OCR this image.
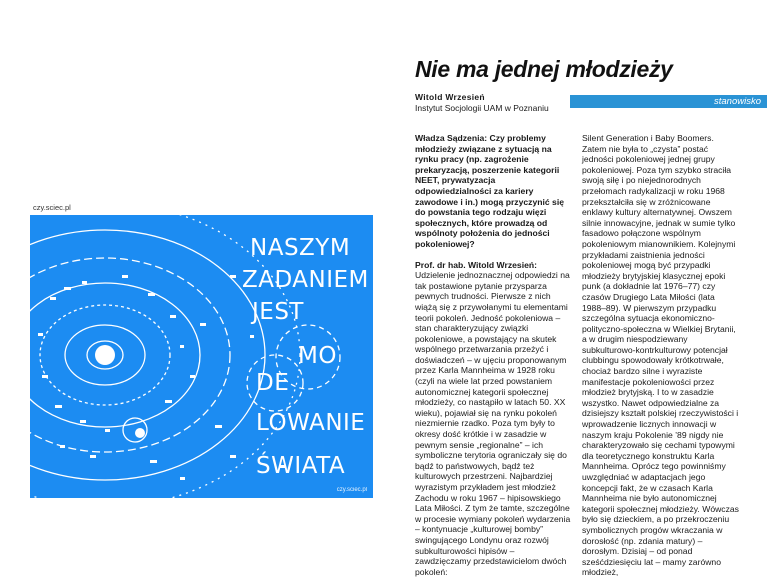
Nie ma jednej młodzieży
Witold Wrzesień
Instytut Socjologii UAM w Poznaniu
stanowisko
czy.sciec.pl
NASZYM
ZADANIEM
JEST
MO
DE
LOWANIE
ŚWIATA
czy.sciec.pl

Władza Sądzenia: Czy problemy młodzieży związane z sytuacją na rynku pracy (np. zagrożenie prekaryzacją, poszerzenie kategorii NEET, prywatyzacja odpowiedzialności za kariery zawodowe i in.) mogą przyczynić się do powstania tego rodzaju więzi społecznych, które prowadzą od wspólnoty położenia do jedności pokoleniowej?

Prof. dr hab. Witold Wrzesień: Udzielenie jednoznacznej odpowiedzi na tak postawione pytanie przysparza pewnych trudności. Pierwsze z nich wiążą się z przywołanymi tu elementami teorii pokoleń. Jedność pokoleniowa – stan charakteryzujący związki pokoleniowe, a powstający na skutek wspólnego przetwarzania przeżyć i doświadczeń – w ujęciu proponowanym przez Karla Mannheima w 1928 roku (czyli na wiele lat przed powstaniem autonomicznej kategorii społecznej młodzieży, co nastąpiło w latach 50. XX wieku), pojawiał się na rynku pokoleń niezmiernie rzadko. Poza tym były to okresy dość krótkie i w zasadzie w pewnym sensie „regionalne” – ich symboliczne terytoria ograniczały się do bądź to państwowych, bądź też kulturowych przestrzeni. Najbardziej wyrazistym przykładem jest młodzież Zachodu w roku 1967 – hipisowskiego Lata Miłości. Z tym że tamte, szczególne w procesie wymiany pokoleń wydarzenia – kontynuacje „kulturowej bomby” swingującego Londynu oraz rozwój subkulturowości hipisów – zawdzięczamy przedstawicielom dwóch pokoleń:

Silent Generation i Baby Boomers. Zatem nie była to „czysta” postać jedności pokoleniowej jednej grupy pokoleniowej. Poza tym szybko straciła swoją siłę i po niejednorodnych przełomach radykalizacji w roku 1968 przekształciła się w zróżnicowane enklawy kultury alternatywnej. Owszem silnie innowacyjne, jednak w sumie tylko fasadowo połączone wspólnym pokoleniowym mianownikiem. Kolejnymi przykładami zaistnienia jedności pokoleniowej mogą być przypadki młodzieży brytyjskiej klasycznej epoki punk (a dokładnie lat 1976–77) czy czasów Drugiego Lata Miłości (lata 1988–89). W pierwszym przypadku szczególna sytuacja ekonomiczno-polityczno-społeczna w Wielkiej Brytanii, a w drugim niespodziewany subkulturowo-kontrkulturowy potencjał clubbingu spowodowały krótkotrwałe, chociaż bardzo silne i wyraziste manifestacje pokoleniowości przez młodzież brytyjską. I to w zasadzie wszystko. Nawet odpowiedzialne za dzisiejszy kształt polskiej rzeczywistości i wprowadzenie licznych innowacji w naszym kraju Pokolenie ’89 nigdy nie charakteryzowało się cechami typowymi dla teoretycznego konstruktu Karla Mannheima. Oprócz tego powinniśmy uwzględniać w adaptacjach jego koncepcji fakt, że w czasach Karla Mannheima nie było autonomicznej kategorii społecznej młodzieży. Wówczas było się dzieckiem, a po przekroczeniu symbolicznych progów wkraczania w dorosłość (np. zdania matury) – dorosłym. Dzisiaj – od ponad sześćdziesięciu lat – mamy zarówno młodzież,
